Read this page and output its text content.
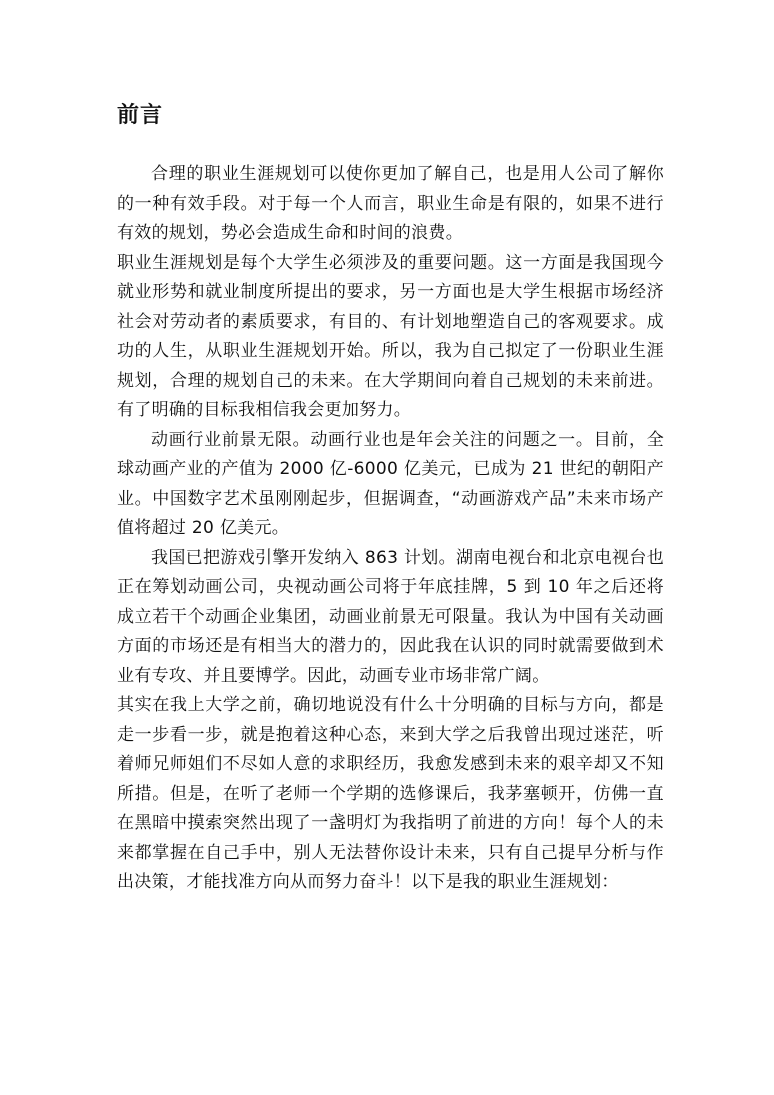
前言

合理的职业生涯规划可以使你更加了解自己，也是用人公司了解你的一种有效手段。对于每一个人而言，职业生命是有限的，如果不进行有效的规划，势必会造成生命和时间的浪费。

职业生涯规划是每个大学生必须涉及的重要问题。这一方面是我国现今就业形势和就业制度所提出的要求，另一方面也是大学生根据市场经济社会对劳动者的素质要求，有目的、有计划地塑造自己的客观要求。成功的人生，从职业生涯规划开始。所以，我为自己拟定了一份职业生涯规划，合理的规划自己的未来。在大学期间向着自己规划的未来前进。有了明确的目标我相信我会更加努力。

动画行业前景无限。动画行业也是年会关注的问题之一。目前，全球动画产业的产值为 2000 亿-6000 亿美元，已成为 21 世纪的朝阳产业。中国数字艺术虽刚刚起步，但据调查，“动画游戏产品”未来市场产值将超过 20 亿美元。

我国已把游戏引擎开发纳入 863 计划。湖南电视台和北京电视台也正在筹划动画公司，央视动画公司将于年底挂牌，5 到 10 年之后还将成立若干个动画企业集团，动画业前景无可限量。我认为中国有关动画方面的市场还是有相当大的潜力的，因此我在认识的同时就需要做到术业有专攻、并且要博学。因此，动画专业市场非常广阔。

其实在我上大学之前，确切地说没有什么十分明确的目标与方向，都是走一步看一步，就是抱着这种心态，来到大学之后我曾出现过迷茫，听着师兄师姐们不尽如人意的求职经历，我愈发感到未来的艰辛却又不知所措。但是，在听了老师一个学期的选修课后，我茅塞顿开，仿佛一直在黑暗中摸索突然出现了一盏明灯为我指明了前进的方向！每个人的未来都掌握在自己手中，别人无法替你设计未来，只有自己提早分析与作出决策，才能找准方向从而努力奋斗！以下是我的职业生涯规划：
